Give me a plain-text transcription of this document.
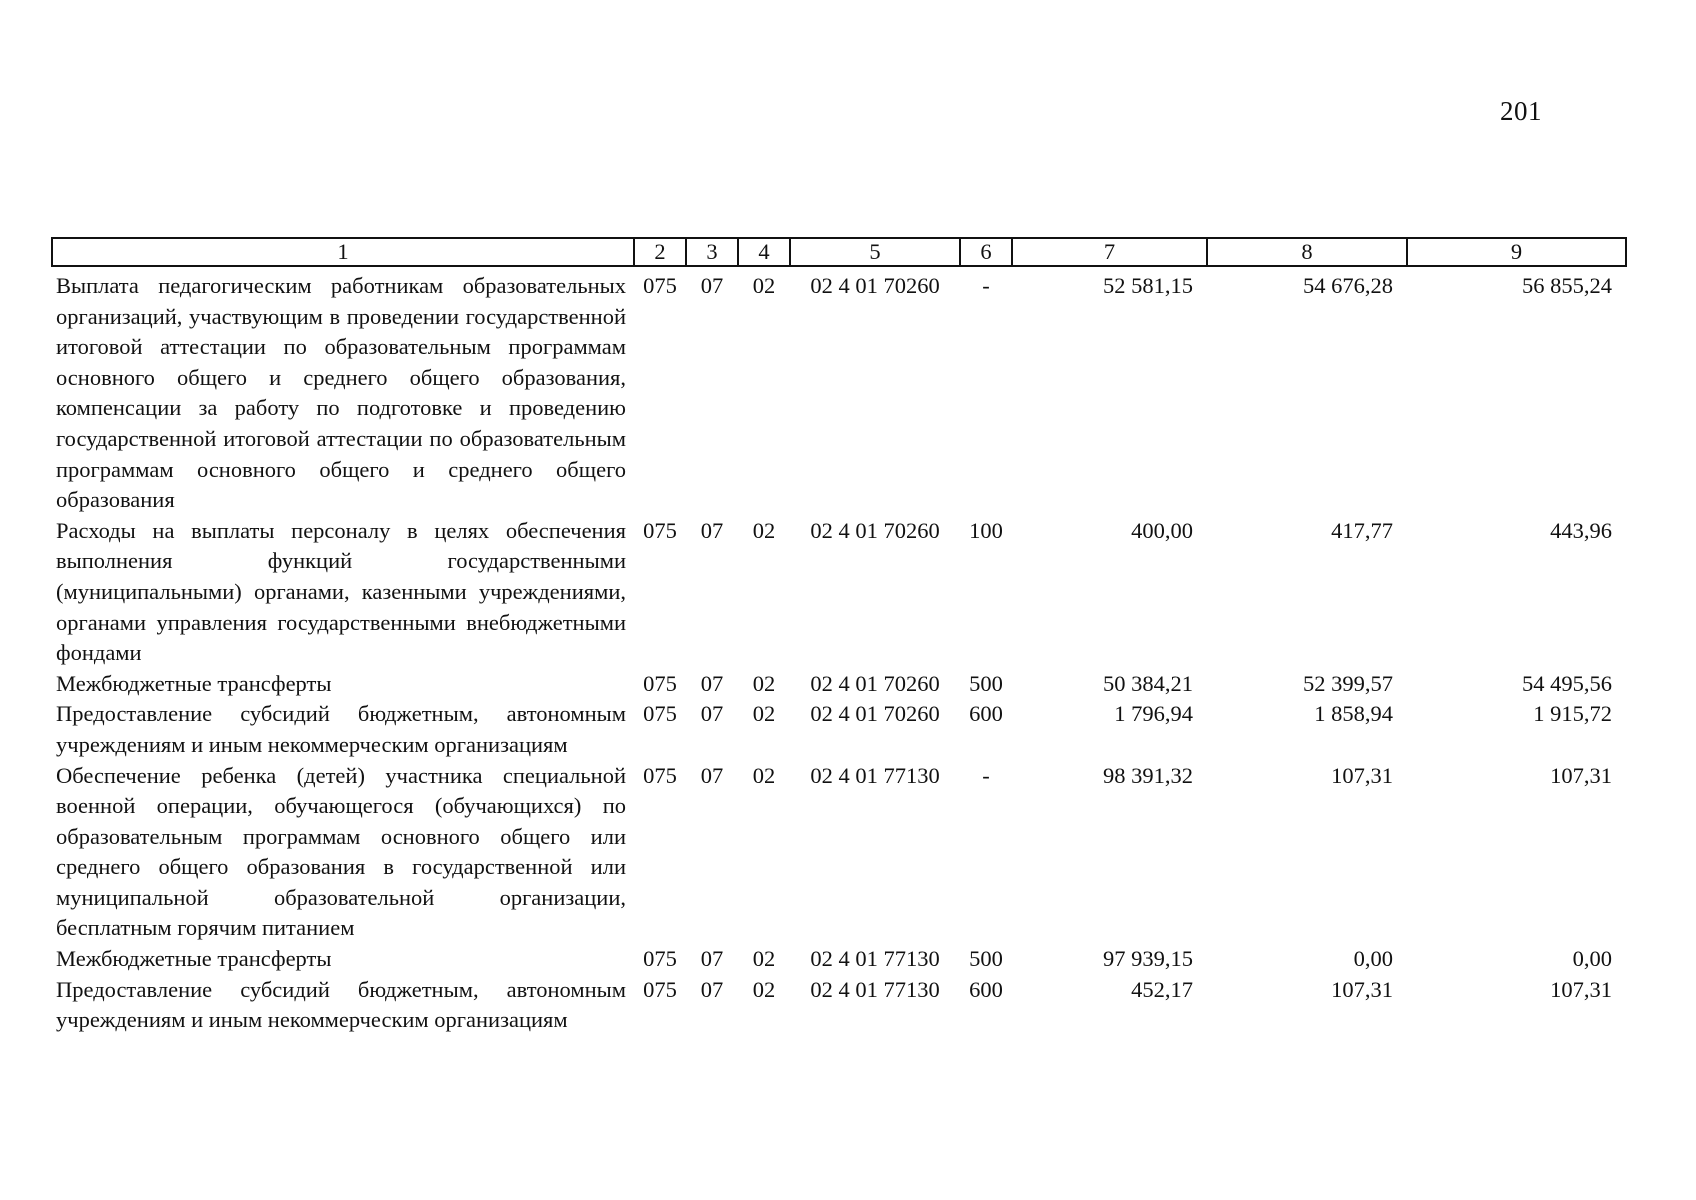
201
1	2	3	4	5	6	7	8	9
Выплата педагогическим работникам образовательных организаций, участвующим в проведении государственной итоговой аттестации по образовательным программам основного общего и среднего общего образования, компенсации за работу по подготовке и проведению государственной итоговой аттестации по образовательным программам основного общего и среднего общего образования	075	07	02	02 4 01 70260	-	52 581,15	54 676,28	56 855,24
Расходы на выплаты персоналу в целях обеспечения выполнения функций государственными (муниципальными) органами, казенными учреждениями, органами управления государственными внебюджетными фондами	075	07	02	02 4 01 70260	100	400,00	417,77	443,96
Межбюджетные трансферты	075	07	02	02 4 01 70260	500	50 384,21	52 399,57	54 495,56
Предоставление субсидий бюджетным, автономным учреждениям и иным некоммерческим организациям	075	07	02	02 4 01 70260	600	1 796,94	1 858,94	1 915,72
Обеспечение ребенка (детей) участника специальной военной операции, обучающегося (обучающихся) по образовательным программам основного общего или среднего общего образования в государственной или муниципальной образовательной организации, бесплатным горячим питанием	075	07	02	02 4 01 77130	-	98 391,32	107,31	107,31
Межбюджетные трансферты	075	07	02	02 4 01 77130	500	97 939,15	0,00	0,00
Предоставление субсидий бюджетным, автономным учреждениям и иным некоммерческим организациям	075	07	02	02 4 01 77130	600	452,17	107,31	107,31
